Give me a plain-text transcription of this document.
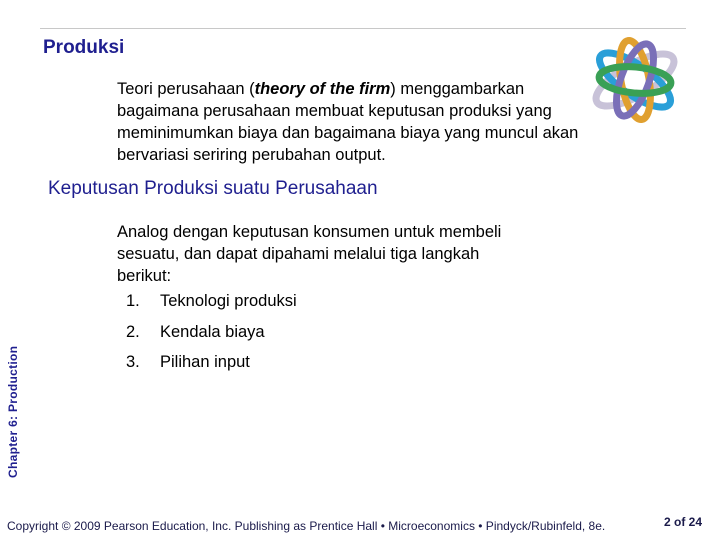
Produksi
Teori perusahaan (theory of the firm) menggambarkan bagaimana perusahaan membuat keputusan produksi yang meminimumkan biaya dan bagaimana biaya yang muncul akan bervariasi seriring perubahan output.
Keputusan Produksi suatu Perusahaan
Analog dengan keputusan konsumen untuk membeli sesuatu, dan dapat dipahami melalui tiga langkah berikut:
1.	Teknologi produksi
2.	Kendala biaya
3.	Pilihan input
Chapter 6: Production
Copyright © 2009 Pearson Education, Inc. Publishing as Prentice Hall • Microeconomics • Pindyck/Rubinfeld, 8e.	2 of 24
